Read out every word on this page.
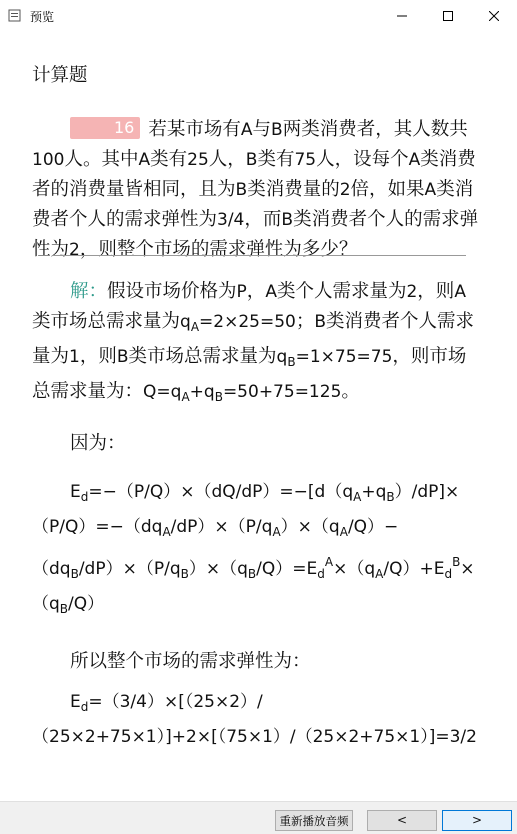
预览
计算题
16 若某市场有A与B两类消费者，其人数共100人。其中A类有25人，B类有75人，设每个A类消费者的消费量皆相同，且为B类消费量的2倍，如果A类消费者个人的需求弹性为3/4，而B类消费者个人的需求弹性为2，则整个市场的需求弹性为多少？
解：假设市场价格为P，A类个人需求量为2，则A类市场总需求量为$q_A=2\times 25=50$；B类消费者个人需求量为1，则B类市场总需求量为$q_B=1\times 75=75$，则市场总需求量为：$Q=q_A+q_B=50+75=125$。
因为：
$E_d=-(P/Q)\times(dQ/dP)=-[d(q_A+q_B)/dP]\times(P/Q)=-(dq_A/dP)\times(P/q_A)\times(q_A/Q)-(dq_B/dP)\times(P/q_B)\times(q_B/Q)=E_d^A\times(q_A/Q)+E_d^B\times(q_B/Q)$
所以整个市场的需求弹性为：
$E_d=(3/4)\times[(25\times 2)/(25\times 2+75\times 1)]+2\times[(75\times 1)/(25\times 2+75\times 1)]=3/2$
重新播放音频	<	>
